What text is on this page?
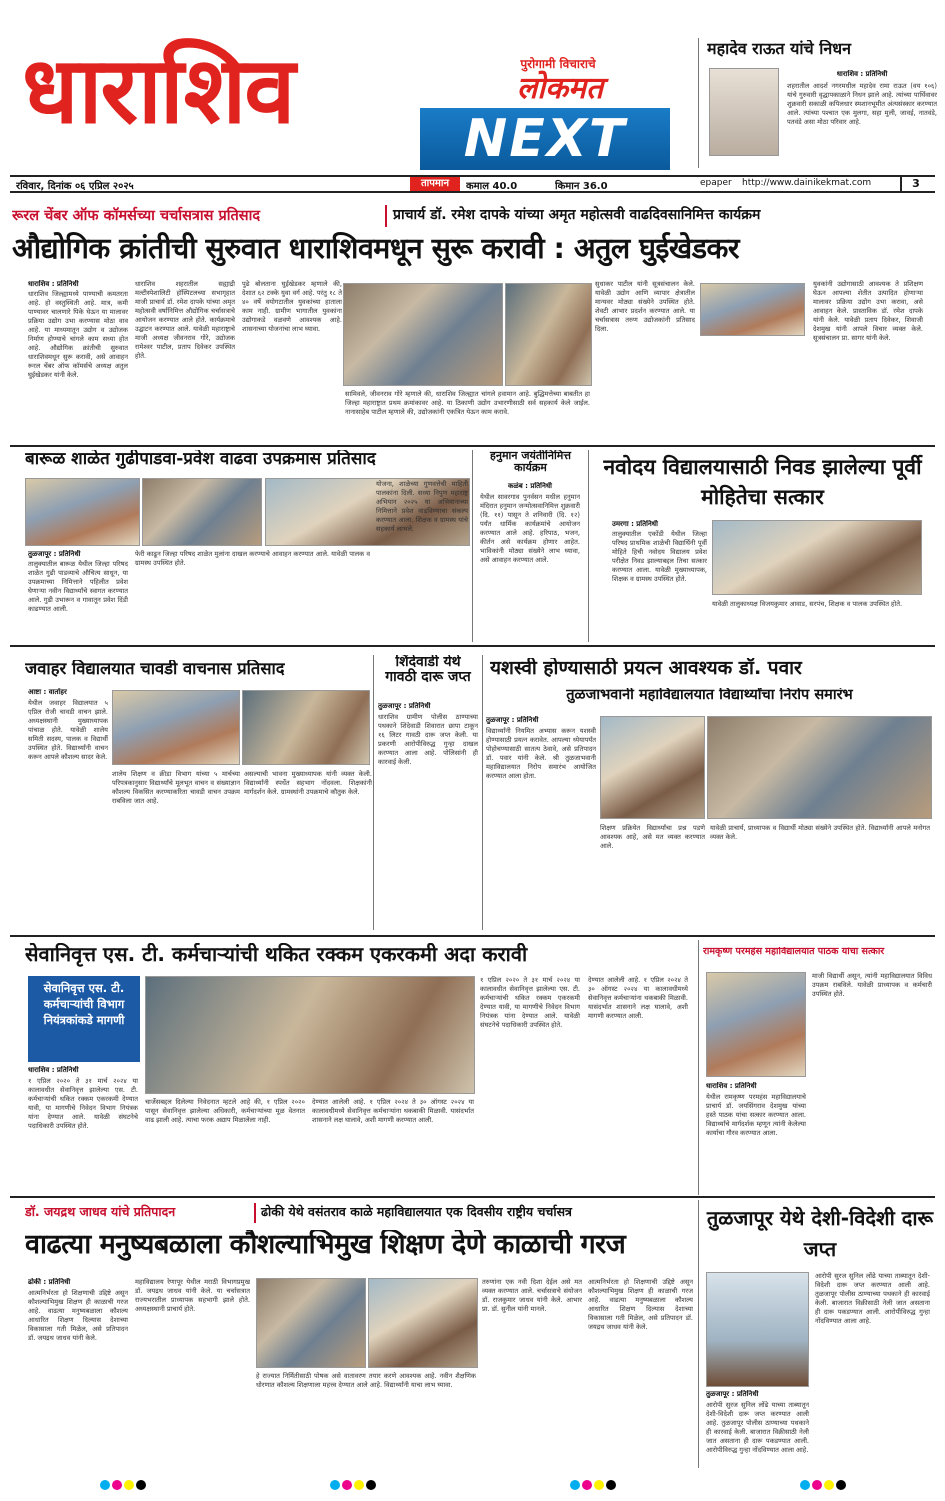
धाराशिव	पुरोगामी विचाराचे
लोकमत
NEXT
महादेव राऊत यांचे निधन
धाराशिव : प्रतिनिधी
शहरातील आदर्श नगरमधील महादेव रामा राऊत (वय १०६) यांचे गुरुवारी वृद्धापकाळाने निधन झाले आहे. त्यांच्या पार्थिवावर शुक्रवारी सकाळी कपिलधार स्मशानभूमीत अंत्यसंस्कार करण्यात आले. त्यांच्या पश्चात एक मुलगा, सहा मुली, जावई, नातवंडे, पतवंडे असा मोठा परिवार आहे.
रविवार, दिनांक ०६ एप्रिल २०२५	तापमान	कमाल 40.0	किमान 36.0	epaper	http://www.dainikekmat.com	3
रूरल चेंबर ऑफ कॉमर्सच्या चर्चासत्रास प्रतिसाद	प्राचार्य डॉ. रमेश दापके यांच्या अमृत महोत्सवी वाढदिवसानिमित्त कार्यक्रम
औद्योगिक क्रांतीची सुरुवात धाराशिवमधून सुरू करावी : अतुल घुईखेडकर
धाराशिव : प्रतिनिधी
धाराशिव जिल्ह्यामध्ये पाण्याची कमतरता आहे. हो वस्तुस्थिती आहे. मात्र, कमी पाण्यावर चालणारे पिके घेऊन या मालावर प्रक्रिया उद्योग उभा करण्यास मोठा वाव आहे. या माध्यमातून उद्योग व उद्योजक निर्माण होण्याचे चांगले काम सध्या होत आहे. औद्योगिक क्रांतीची सुरुवात धाराशिवमधून सुरू करावी, असे आवाहन रूरल चेंबर ऑफ कॉमर्सचे अध्यक्ष अतुल घुईखेडकर यांनी केले.
धाराशिव शहरातील सह्याद्री मल्टीस्पेशालिटी हॉस्पिटलच्या सभागृहात माजी प्राचार्य डॉ. रमेश दापके यांच्या अमृत महोत्सवी वर्षानिमित्त औद्योगिक चर्चासत्राचे आयोजन करण्यात आले होते. कार्यक्रमाचे उद्घाटन करण्यात आले. यावेळी महाराष्ट्राचे माजी अध्यक्ष जीवनराव गोरे, उद्योजक रामेश्वर पाटील, प्रताप दिवेकर उपस्थित होते.
पुढे बोलताना घुईखेडकर म्हणाले की, देशात ६२ टक्के युवा वर्ग आहे. परंतु १८ ते ४० वर्षे वयोगटातील युवकांच्या हाताला काम नाही. ग्रामीण भागातील युवकांना उद्योगाकडे वळवणे आवश्यक आहे. शासनाच्या योजनांचा लाभ घ्यावा.
सामिवले, जीवनराव गोरे म्हणाले की, धाराशिव जिल्ह्यात चांगले हवामान आहे. बुद्धिमत्तेच्या बाबतीत हा जिल्हा महाराष्ट्रात प्रथम क्रमांकावर आहे. या ठिकाणी उद्योग उभारणीसाठी सर्व सहकार्य केले जाईल. नानासाहेब पाटील म्हणाले की, उद्योजकांनी एकत्रित येऊन काम करावे.
सुधाकर पाटील यांनी सूत्रसंचालन केले. यावेळी उद्योग आणि व्यापार क्षेत्रातील मान्यवर मोठ्या संख्येने उपस्थित होते. शेवटी आभार प्रदर्शन करण्यात आले. या चर्चासत्रास तरुण उद्योजकांनी प्रतिसाद दिला.
युवकांनी उद्योगासाठी आवश्यक ते प्रशिक्षण घेऊन आपल्या शेतीत उत्पादित होणाऱ्या मालावर प्रक्रिया उद्योग उभा करावा, असे आवाहन केले. प्रास्ताविक डॉ. रमेश दापके यांनी केले. यावेळी प्रताप दिवेकर, शिवाजी देशमुख यांनी आपले विचार व्यक्त केले. सूत्रसंचालन प्रा. सागर यांनी केले.
बारूळ शाळेत गुढीपाडवा-प्रवेश वाढवा उपक्रमास प्रतिसाद
तुळजापूर : प्रतिनिधी
तालुक्यातील बारूळ येथील जिल्हा परिषद शाळेत गुढी पाडव्याचे औचित्य साधून, या उपक्रमाच्या निमित्ताने पहिलीत प्रवेश घेणाऱ्या नवीन विद्यार्थ्यांचे स्वागत करण्यात आले. गुढी उभारून व गावातून प्रवेश दिंडी काढण्यात आली.
फेरी काढून जिल्हा परिषद शाळेत मुलांना दाखल करण्याचे आवाहन करण्यात आले. यावेळी पालक व ग्रामस्थ उपस्थित होते.
योजना, शाळेच्या गुणवत्तेची माहिती पालकांना दिली. सध्या निपुण महाराष्ट्र अभियान २०२५ या अभियानाच्या निमित्ताने प्रवेश वाढविण्याचा संकल्प करण्यात आला. शिक्षक व ग्रामस्थ यांचे सहकार्य लाभले.
हनुमान जयंतीनिमित्त कार्यक्रम
कळंब : प्रतिनिधी
येथील सावरगाव पुनर्वसन मधील हनुमान मंदिरात हनुमान जन्मोत्सवानिमित्त शुक्रवारी (दि. ११) पासून ते शनिवारी (दि. १२) पर्यंत धार्मिक कार्यक्रमांचे आयोजन करण्यात आले आहे. हरिपाठ, भजन, कीर्तन असे कार्यक्रम होणार आहेत. भाविकांनी मोठ्या संख्येने लाभ घ्यावा, असे आवाहन करण्यात आले.
नवोदय विद्यालयासाठी निवड झालेल्या पूर्वी मोहितेचा सत्कार
उमरगा : प्रतिनिधी
तालुक्यातील एकोंडी येथील जिल्हा परिषद प्राथमिक शाळेची विद्यार्थिनी पूर्वी मोहिते हिची नवोदय विद्यालय प्रवेश परीक्षेत निवड झाल्याबद्दल तिचा सत्कार करण्यात आला. यावेळी मुख्याध्यापक, शिक्षक व ग्रामस्थ उपस्थित होते.
यावेळी तालुकाध्यक्ष विजयकुमार आवाड, सरपंच, शिक्षक व पालक उपस्थित होते.
जवाहर विद्यालयात चावडी वाचनास प्रतिसाद
आष्टा : वार्ताहर
येथील जवाहर विद्यालयात ५ एप्रिल रोजी चावडी वाचन झाले. अध्यक्षस्थानी मुख्याध्यापक पांचाळ होते. यावेळी शालेय समिती सदस्य, पालक व विद्यार्थी उपस्थित होते. विद्यार्थ्यांनी वाचन करून आपले कौशल्य सादर केले.
शालेय शिक्षण व क्रीडा विभाग यांच्या ५ मार्चच्या परिपत्रकानुसार विद्यार्थ्यांचे मूलभूत वाचन व संख्याज्ञान कौशल्य विकसित करण्याकरिता चावडी वाचन उपक्रम राबविला जात आहे.
असल्याची भावना मुख्याध्यापक यांनी व्यक्त केली. विद्यार्थ्यांनी स्पर्धेत सहभाग नोंदवला. शिक्षकांनी मार्गदर्शन केले. ग्रामस्थांनी उपक्रमाचे कौतुक केले.
शिंदेवाडी येथे गावठी दारू जप्त
तुळजापूर : प्रतिनिधी
धाराशिव ग्रामीण पोलीस ठाण्याच्या पथकाने शिंदेवाडी शिवारात छापा टाकून १६ लिटर गावठी दारू जप्त केली. या प्रकरणी आरोपीविरुद्ध गुन्हा दाखल करण्यात आला आहे. पोलिसांनी ही कारवाई केली.
यशस्वी होण्यासाठी प्रयत्न आवश्यक डॉ. पवार
तुळजाभवानी महाविद्यालयात विद्यार्थ्यांचा निरोप समारंभ
तुळजापूर : प्रतिनिधी
विद्यार्थ्यांनी नियमित अभ्यास करून यशस्वी होण्यासाठी प्रयत्न करावेत. आपल्या ध्येयापर्यंत पोहोचण्यासाठी सातत्य ठेवावे, असे प्रतिपादन डॉ. पवार यांनी केले. श्री तुळजाभवानी महाविद्यालयात निरोप समारंभ आयोजित करण्यात आला होता.
शिक्षण प्रक्रियेत विद्यार्थ्यांचा प्रश्न पडणे आवश्यक आहे, असे मत व्यक्त करण्यात आले.
यावेळी प्राचार्य, प्राध्यापक व विद्यार्थी मोठ्या संख्येने उपस्थित होते. विद्यार्थ्यांनी आपले मनोगत व्यक्त केले.
सेवानिवृत्त एस. टी. कर्मचाऱ्यांची थकित रक्कम एकरकमी अदा करावी
सेवानिवृत्त एस. टी. कर्मचाऱ्यांची विभाग नियंत्रकांकडे मागणी
धाराशिव : प्रतिनिधी
१ एप्रिल २०२० ते ३१ मार्च २०२४ या कालावधीत सेवानिवृत्त झालेल्या एस. टी. कर्मचाऱ्यांची थकित रक्कम एकरकमी देण्यात यावी, या मागणीचे निवेदन विभाग नियंत्रक यांना देण्यात आले. यावेळी संघटनेचे पदाधिकारी उपस्थित होते.
चार्जेसबद्दल दिलेल्या निवेदनात म्हटले आहे की, १ एप्रिल २०२० पासून सेवानिवृत्त झालेल्या अधिकारी, कर्मचाऱ्यांच्या मूळ वेतनात वाढ झाली आहे. त्याचा फरक अद्याप मिळालेला नाही.
देण्यात आलेली आहे. १ एप्रिल २०२४ ते ३० ऑगस्ट २०२४ या कालावधीमध्ये सेवानिवृत्त कर्मचाऱ्यांना थकबाकी मिळावी. यासंदर्भात शासनाने लक्ष घालावे, अशी मागणी करण्यात आली.
१ एप्रिल २०२० ते ३१ मार्च २०२४ या कालावधीत सेवानिवृत्त झालेल्या एस. टी. कर्मचाऱ्यांची थकित रक्कम एकरकमी देण्यात यावी, या मागणीचे निवेदन विभाग नियंत्रक यांना देण्यात आले. यावेळी संघटनेचे पदाधिकारी उपस्थित होते.
देण्यात आलेली आहे. १ एप्रिल २०२४ ते ३० ऑगस्ट २०२४ या कालावधीमध्ये सेवानिवृत्त कर्मचाऱ्यांना थकबाकी मिळावी. यासंदर्भात शासनाने लक्ष घालावे, अशी मागणी करण्यात आली.
रामकृष्ण परमहंस महाविद्यालयात पाठक यांचा सत्कार
धाराशिव : प्रतिनिधी
येथील रामकृष्ण परमहंस महाविद्यालयाचे प्राचार्य डॉ. जयसिंगराव देशमुख यांच्या हस्ते पाठक यांचा सत्कार करण्यात आला. विद्यार्थ्यांचे मार्गदर्शक म्हणून त्यांनी केलेल्या कार्याचा गौरव करण्यात आला.
माजी विद्यार्थी असून, त्यांनी महाविद्यालयात विविध उपक्रम राबविले. यावेळी प्राध्यापक व कर्मचारी उपस्थित होते.
डॉ. जयद्रथ जाधव यांचे प्रतिपादन	ढोकी येथे वसंतराव काळे महाविद्यालयात एक दिवसीय राष्ट्रीय चर्चासत्र
वाढत्या मनुष्यबळाला कौशल्याभिमुख शिक्षण देणे काळाची गरज
ढोकी : प्रतिनिधी
आत्मनिर्भरता हो शिक्षणाची उद्दिष्टे असून कौशल्याभिमुख शिक्षण ही काळाची गरज आहे. वाढत्या मनुष्यबळाला कौशल्य आधारित शिक्षण दिल्यास देशाच्या विकासाला गती मिळेल, असे प्रतिपादन डॉ. जयद्रथ जाधव यांनी केले.
महाविद्यालय रेणापूर येथील मराठी विभागप्रमुख डॉ. जयद्रथ जाधव यांनी केले. या चर्चासत्रात राज्यभरातील प्राध्यापक सहभागी झाले होते. अध्यक्षस्थानी प्राचार्य होते.
हे राज्यात निर्मितीसाठी पोषक असे वातावरण तयार करणे आवश्यक आहे. नवीन शैक्षणिक धोरणात कौशल्य शिक्षणाला महत्त्व देण्यात आले आहे. विद्यार्थ्यांनी याचा लाभ घ्यावा.
तरुणांना एक नवी दिशा देईल असे मत व्यक्त करण्यात आले. चर्चासत्राचे संयोजन डॉ. राजकुमार जाधव यांनी केले. आभार प्रा. डॉ. सुनील यांनी मानले.
आत्मनिर्भरता हो शिक्षणाची उद्दिष्टे असून कौशल्याभिमुख शिक्षण ही काळाची गरज आहे. वाढत्या मनुष्यबळाला कौशल्य आधारित शिक्षण दिल्यास देशाच्या विकासाला गती मिळेल, असे प्रतिपादन डॉ. जयद्रथ जाधव यांनी केले.
तुळजापूर येथे देशी-विदेशी दारू जप्त
तुळजापूर : प्रतिनिधी
आरोपी सुरज सुनिल लोंढे याच्या ताब्यातून देशी-विदेशी दारू जप्त करण्यात आली आहे. तुळजापूर पोलीस ठाण्याच्या पथकाने ही कारवाई केली. बाजारात विक्रीसाठी नेली जात असताना ही दारू पकडण्यात आली. आरोपीविरुद्ध गुन्हा नोंदविण्यात आला आहे.
आरोपी सुरज सुनिल लोंढे याच्या ताब्यातून देशी-विदेशी दारू जप्त करण्यात आली आहे. तुळजापूर पोलीस ठाण्याच्या पथकाने ही कारवाई केली. बाजारात विक्रीसाठी नेली जात असताना ही दारू पकडण्यात आली. आरोपीविरुद्ध गुन्हा नोंदविण्यात आला आहे.
